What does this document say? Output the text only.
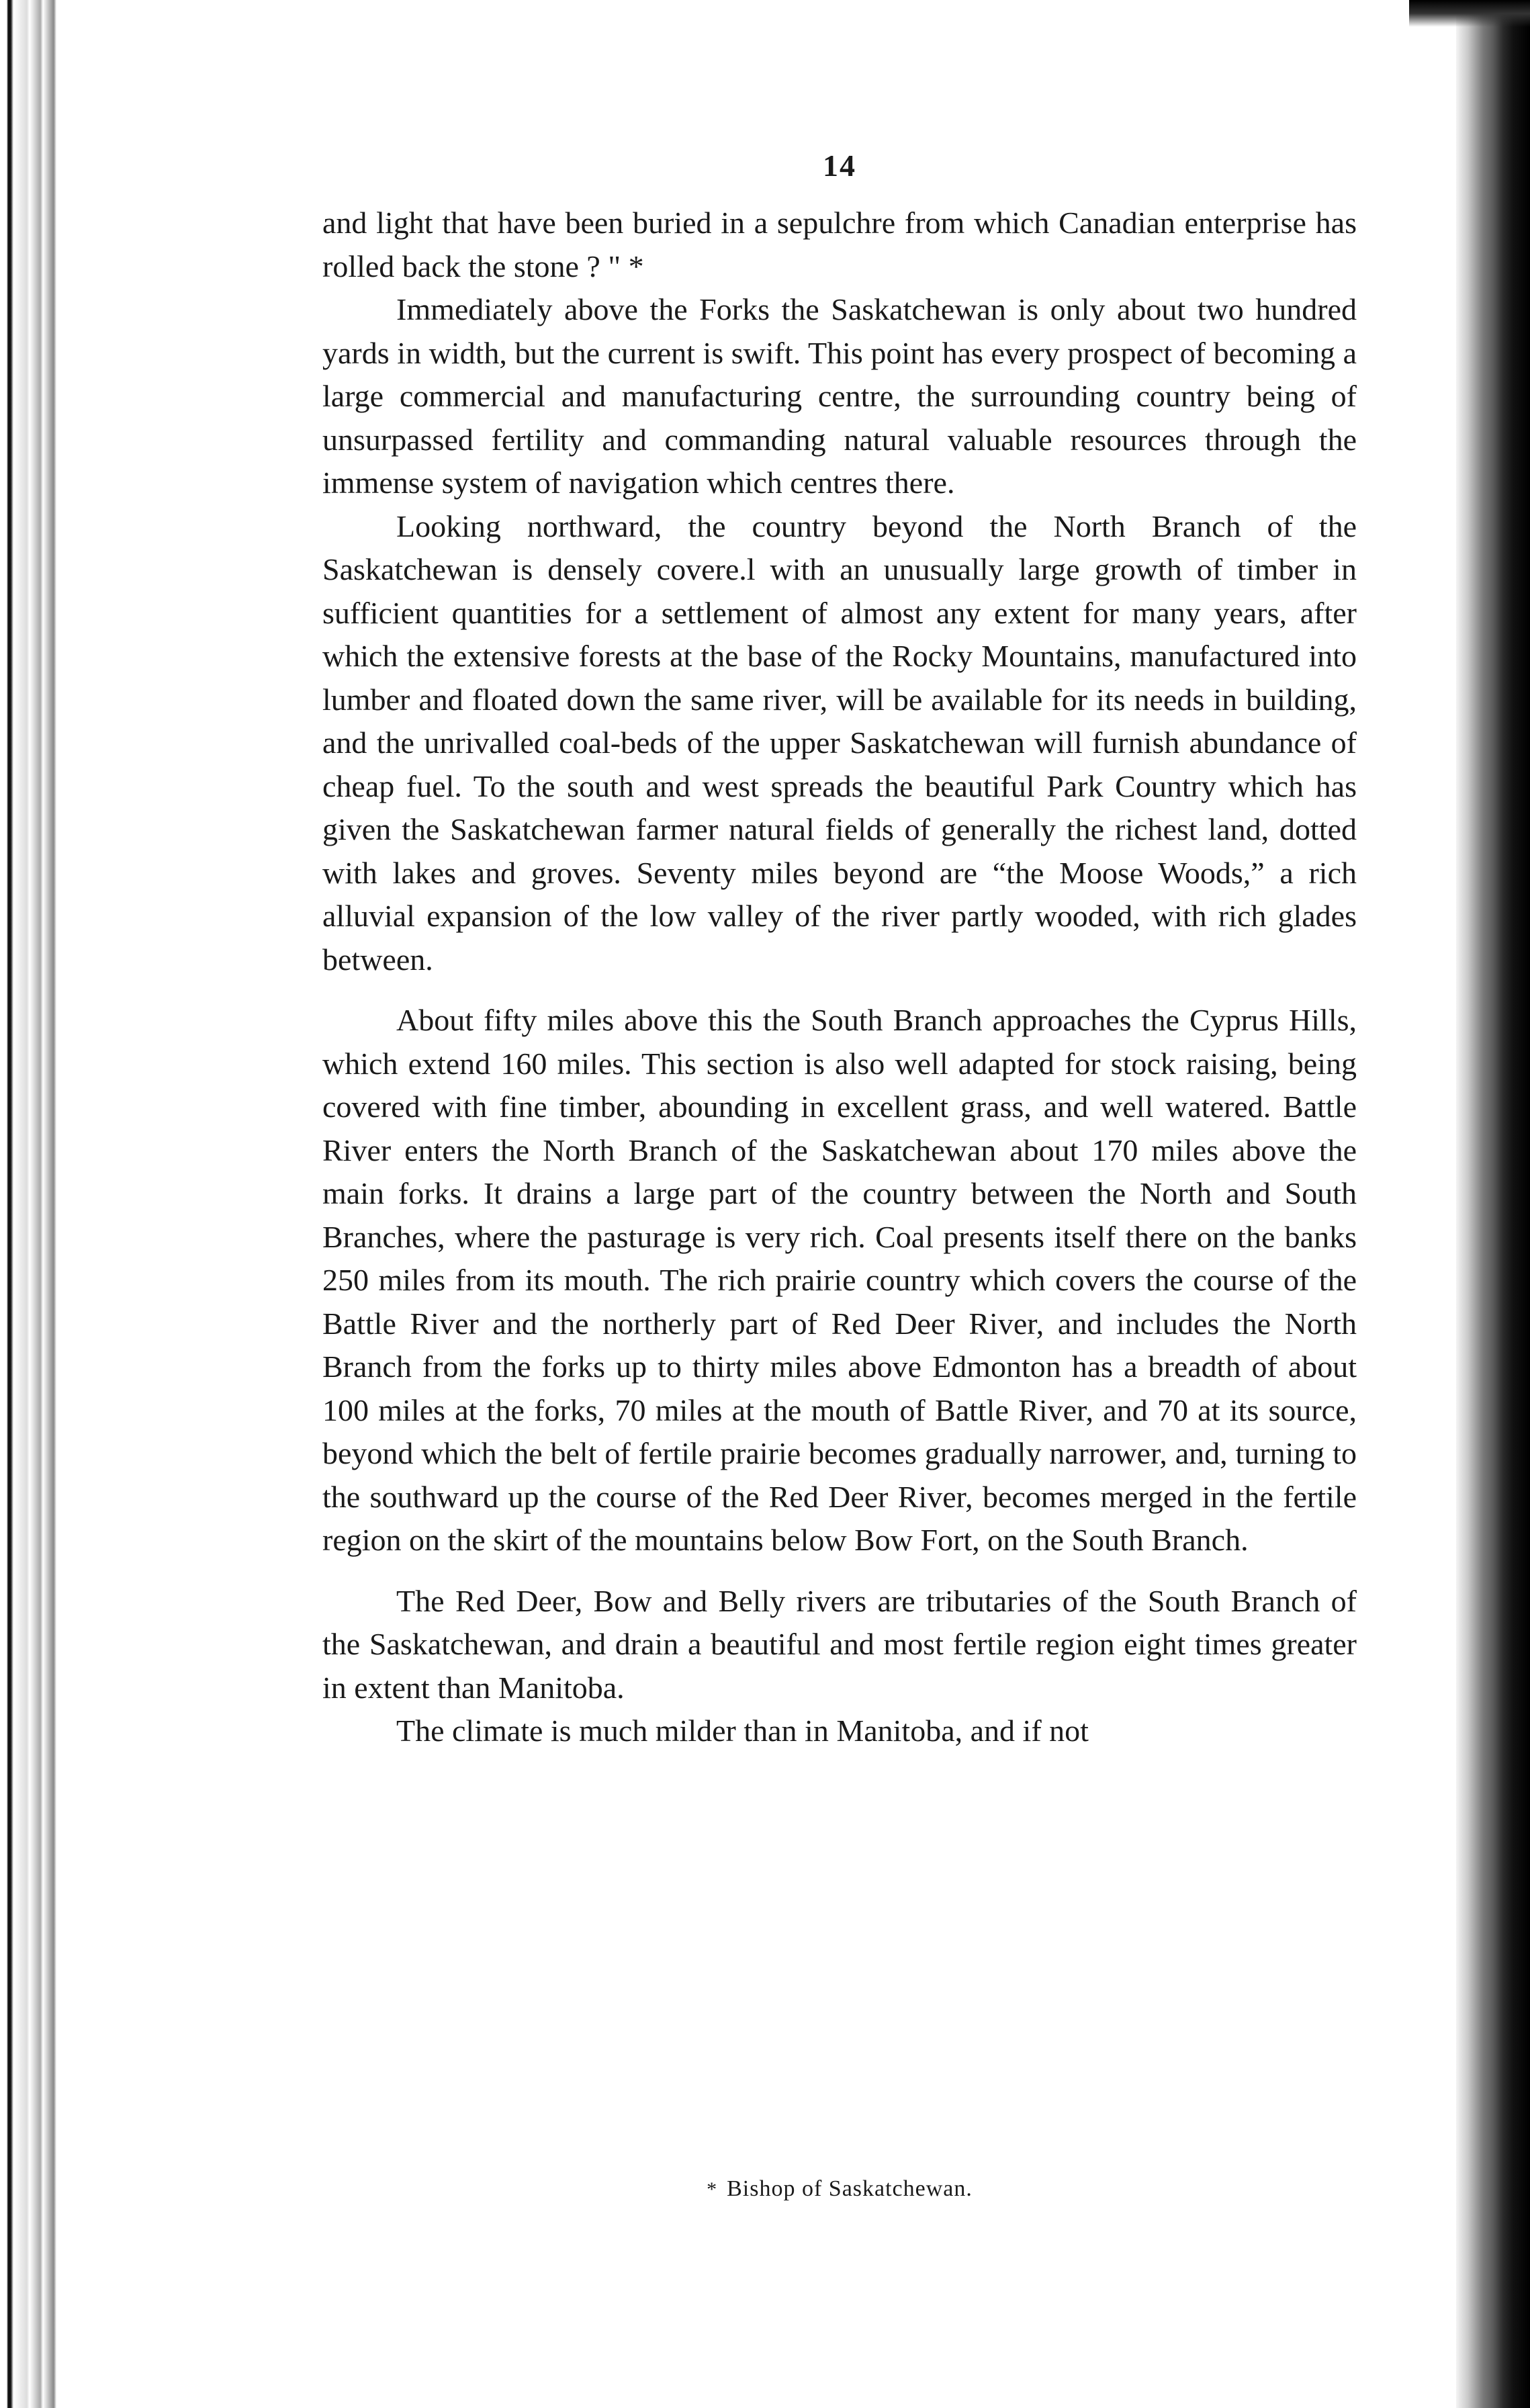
14

and light that have been buried in a sepulchre from which Canadian enterprise has rolled back the stone ? " *

Immediately above the Forks the Saskatchewan is only about two hundred yards in width, but the current is swift. This point has every prospect of becoming a large commercial and manufacturing centre, the surrounding country being of unsurpassed fertility and commanding natural valuable resources through the immense system of navigation which centres there.

Looking northward, the country beyond the North Branch of the Saskatchewan is densely covere.l with an unusually large growth of timber in sufficient quantities for a settlement of almost any extent for many years, after which the extensive forests at the base of the Rocky Mountains, manufactured into lumber and floated down the same river, will be available for its needs in building, and the unrivalled coal-beds of the upper Saskatchewan will furnish abundance of cheap fuel. To the south and west spreads the beautiful Park Country which has given the Saskatchewan farmer natural fields of generally the richest land, dotted with lakes and groves. Seventy miles beyond are “the Moose Woods,” a rich alluvial expansion of the low valley of the river partly wooded, with rich glades between.

About fifty miles above this the South Branch approaches the Cyprus Hills, which extend 160 miles. This section is also well adapted for stock raising, being covered with fine timber, abounding in excellent grass, and well watered. Battle River enters the North Branch of the Saskatchewan about 170 miles above the main forks. It drains a large part of the country between the North and South Branches, where the pasturage is very rich. Coal presents itself there on the banks 250 miles from its mouth. The rich prairie country which covers the course of the Battle River and the northerly part of Red Deer River, and includes the North Branch from the forks up to thirty miles above Edmonton has a breadth of about 100 miles at the forks, 70 miles at the mouth of Battle River, and 70 at its source, beyond which the belt of fertile prairie becomes gradually narrower, and, turning to the southward up the course of the Red Deer River, becomes merged in the fertile region on the skirt of the mountains below Bow Fort, on the South Branch.

The Red Deer, Bow and Belly rivers are tributaries of the South Branch of the Saskatchewan, and drain a beautiful and most fertile region eight times greater in extent than Manitoba.

The climate is much milder than in Manitoba, and if not

* Bishop of Saskatchewan.
